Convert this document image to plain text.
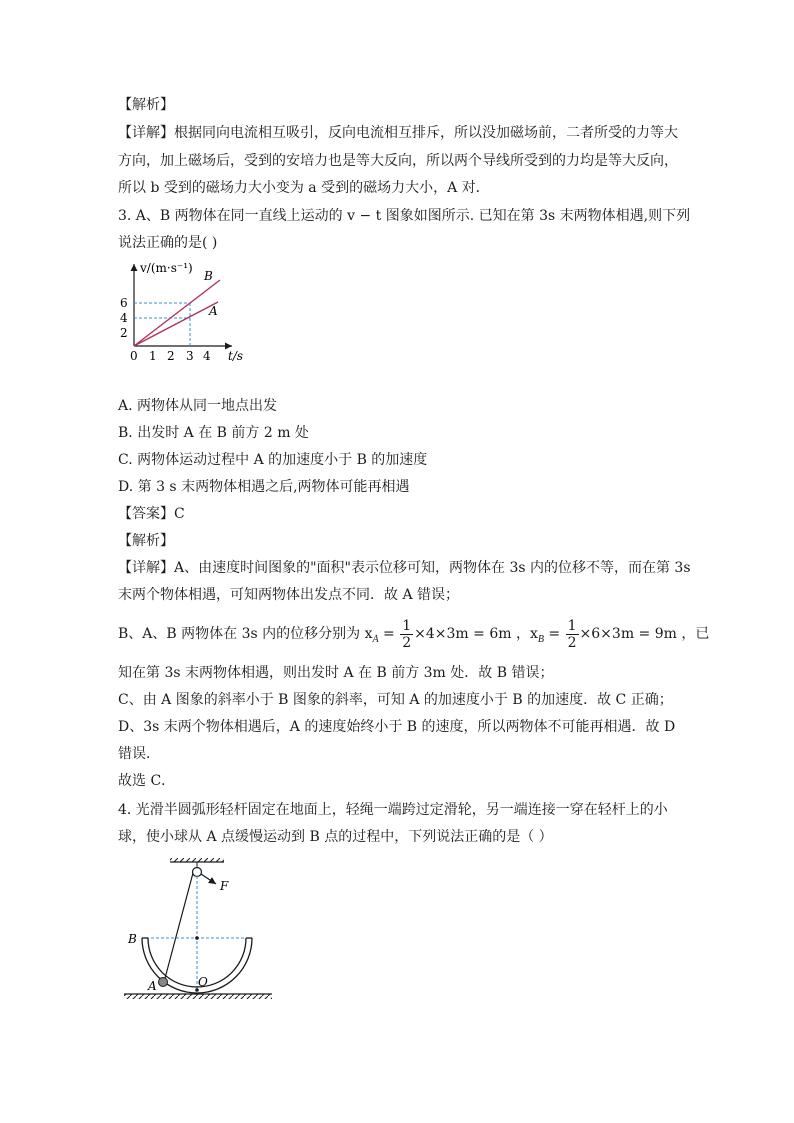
【解析】
【详解】根据同向电流相互吸引，反向电流相互排斥，所以没加磁场前，二者所受的力等大
方向，加上磁场后，受到的安培力也是等大反向，所以两个导线所受到的力均是等大反向，
所以 b 受到的磁场力大小变为 a 受到的磁场力大小，A 对．
3. A、B 两物体在同一直线上运动的 v − t 图象如图所示. 已知在第 3s 末两物体相遇,则下列
说法正确的是( )
v/(m·s⁻¹)
t/s
B
A
6
4
2
0 1 2 3 4
A. 两物体从同一地点出发
B. 出发时 A 在 B 前方 2 m 处
C. 两物体运动过程中 A 的加速度小于 B 的加速度
D. 第 3 s 末两物体相遇之后,两物体可能再相遇
【答案】C
【解析】
【详解】A、由速度时间图象的"面积"表示位移可知，两物体在 3s 内的位移不等，而在第 3s
末两个物体相遇，可知两物体出发点不同．故 A 错误；
B、A、B 两物体在 3s 内的位移分别为 $x_A = \frac{1}{2} \times 4\times 3m = 6m$ ，$x_B = \frac{1}{2} \times 6\times 3m = 9m$ ，已
知在第 3s 末两物体相遇，则出发时 A 在 B 前方 3m 处．故 B 错误；
C、由 A 图象的斜率小于 B 图象的斜率，可知 A 的加速度小于 B 的加速度．故 C 正确；
D、3s 末两个物体相遇后，A 的速度始终小于 B 的速度，所以两物体不可能再相遇．故 D
错误．
故选 C．
4. 光滑半圆弧形轻杆固定在地面上，轻绳一端跨过定滑轮，另一端连接一穿在轻杆上的小
球，使小球从 A 点缓慢运动到 B 点的过程中，下列说法正确的是（ ）
F
B
A	O
